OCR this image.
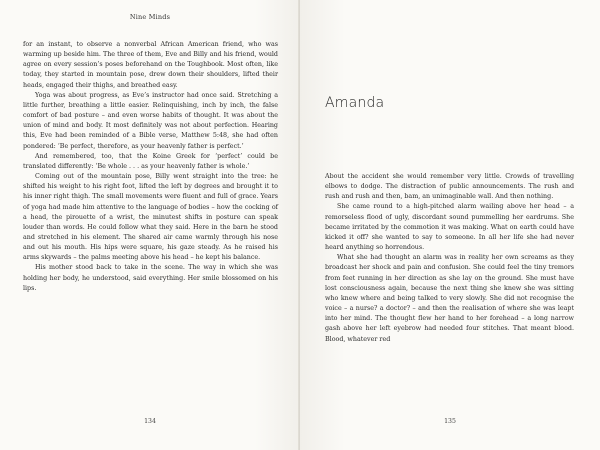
Nine Minds

for an instant, to observe a nonverbal African American friend, who was warming up beside him. The three of them, Eve and Billy and his friend, would agree on every session’s poses beforehand on the Toughbook. Most often, like today, they started in mountain pose, drew down their shoulders, lifted their heads, engaged their thighs, and breathed easy.

Yoga was about progress, as Eve’s instructor had once said. Stretching a little further, breathing a little easier. Relinquishing, inch by inch, the false comfort of bad posture – and even worse habits of thought. It was about the union of mind and body. It most definitely was not about perfection. Hearing this, Eve had been reminded of a Bible verse, Matthew 5:48, she had often pondered: ‘Be perfect, therefore, as your heavenly father is perfect.’

And remembered, too, that the Koine Greek for ‘perfect’ could be translated differently: ‘Be whole . . . as your heavenly father is whole.’

Coming out of the mountain pose, Billy went straight into the tree: he shifted his weight to his right foot, lifted the left by degrees and brought it to his inner right thigh. The small movements were fluent and full of grace. Years of yoga had made him attentive to the language of bodies – how the cocking of a head, the pirouette of a wrist, the minutest shifts in posture can speak louder than words. He could follow what they said. Here in the barn he stood and stretched in his element. The shared air came warmly through his nose and out his mouth. His hips were square, his gaze steady. As he raised his arms skywards – the palms meeting above his head – he kept his balance.

His mother stood back to take in the scene. The way in which she was holding her body, he understood, said everything. Her smile blossomed on his lips.

134
Amanda

About the accident she would remember very little. Crowds of travelling elbows to dodge. The distraction of public announcements. The rush and rush and rush and then, bam, an unimaginable wall. And then nothing.

She came round to a high-pitched alarm wailing above her head – a remorseless flood of ugly, discordant sound pummelling her eardrums. She became irritated by the commotion it was making. What on earth could have kicked it off? she wanted to say to someone. In all her life she had never heard anything so horrendous.

What she had thought an alarm was in reality her own screams as they broadcast her shock and pain and confusion. She could feel the tiny tremors from feet running in her direction as she lay on the ground. She must have lost consciousness again, because the next thing she knew she was sitting who knew where and being talked to very slowly. She did not recognise the voice – a nurse? a doctor? – and then the realisation of where she was leapt into her mind. The thought flew her hand to her forehead – a long narrow gash above her left eyebrow had needed four stitches. That meant blood. Blood, whatever red

135
